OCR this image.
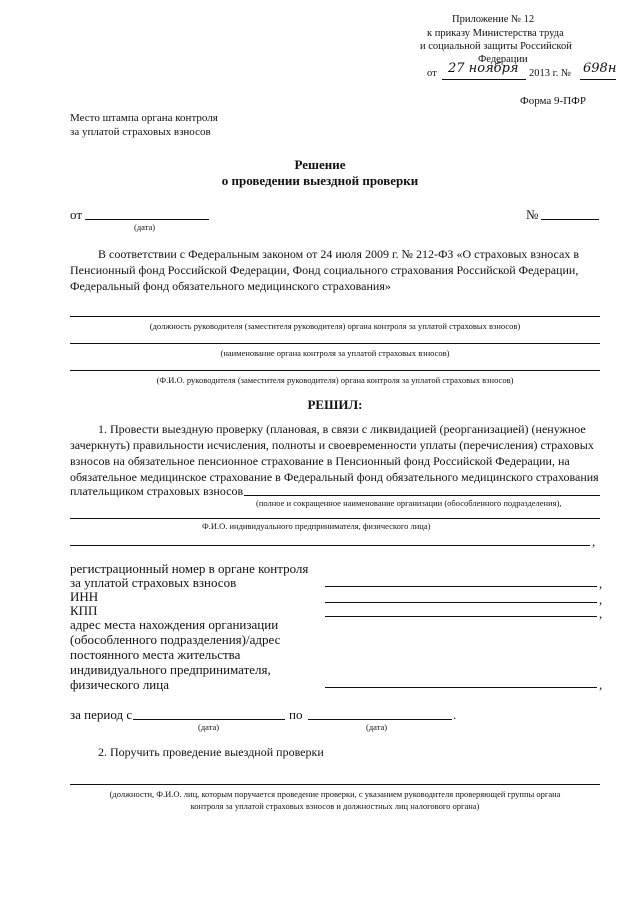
Приложение № 12
к приказу Министерства труда
и социальной защиты Российской
Федерации
от 27 ноября 2013 г. № 698н
Форма 9-ПФР
Место штампа органа контроля
за уплатой страховых взносов
Решение
о проведении выездной проверки
от
(дата)
№
В соответствии с Федеральным законом от 24 июля 2009 г. № 212-ФЗ «О страховых взносах в
Пенсионный фонд Российской Федерации, Фонд социального страхования Российской Федерации,
Федеральный фонд обязательного медицинского страхования»
(должность руководителя (заместителя руководителя) органа контроля за уплатой страховых взносов)
(наименование органа контроля за уплатой страховых взносов)
(Ф.И.О. руководителя (заместителя руководителя) органа контроля за уплатой страховых взносов)
РЕШИЛ:
1. Провести выездную проверку (плановая, в связи с ликвидацией (реорганизацией) (ненужное
зачеркнуть) правильности исчисления, полноты и своевременности уплаты (перечисления) страховых
взносов на обязательное пенсионное страхование в Пенсионный фонд Российской Федерации, на
обязательное медицинское страхование в Федеральный фонд обязательного медицинского страхования
плательщиком страховых взносов
(полное и сокращенное наименование организации (обособленного подразделения),
Ф.И.О. индивидуального предпринимателя, физического лица)
,
регистрационный номер в органе контроля
за уплатой страховых взносов	,
ИНН	,
КПП	,
адрес места нахождения организации
(обособленного подразделения)/адрес
постоянного места жительства
индивидуального предпринимателя,
физического лица	,
за период с
(дата)
по
(дата)
.
2. Поручить проведение выездной проверки
(должности, Ф.И.О. лиц, которым поручается проведение проверки, с указанием руководителя проверяющей группы органа
контроля за уплатой страховых взносов и должностных лиц налогового органа)
